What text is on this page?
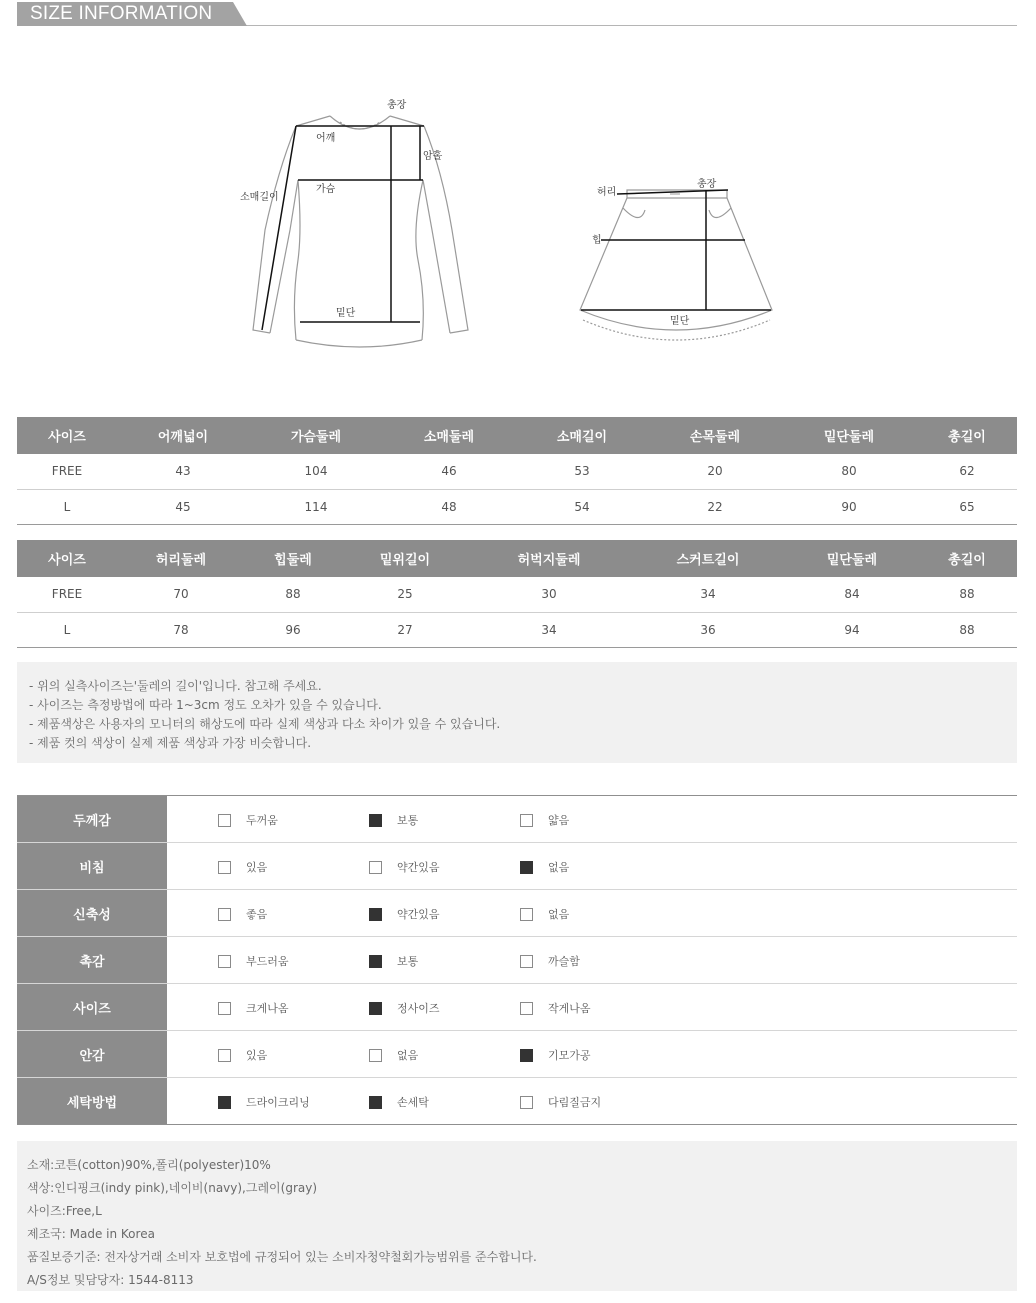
SIZE INFORMATION
총장
어깨
암홀
소매길이
가슴
밑단
허리
총장
힙
밑단
사이즈	어깨넓이	가슴둘레	소매둘레	소매길이	손목둘레	밑단둘레	총길이
FREE	43	104	46	53	20	80	62
L	45	114	48	54	22	90	65
사이즈	허리둘레	힙둘레	밑위길이	허벅지둘레	스커트길이	밑단둘레	총길이
FREE	70	88	25	30	34	84	88
L	78	96	27	34	36	94	88
- 위의 실측사이즈는'둘레의 길이'입니다. 참고해 주세요.
- 사이즈는 측정방법에 따라 1~3cm 정도 오차가 있을 수 있습니다.
- 제품색상은 사용자의 모니터의 해상도에 따라 실제 색상과 다소 차이가 있을 수 있습니다.
- 제품 컷의 색상이 실제 제품 색상과 가장 비슷합니다.
두께감	두꺼움	보통	얇음
비침	있음	약간있음	없음
신축성	좋음	약간있음	없음
촉감	부드러움	보통	까슬함
사이즈	크게나옴	정사이즈	작게나옴
안감	있음	없음	기모가공
세탁방법	드라이크리닝	손세탁	다림질금지
소재:코튼(cotton)90%,폴리(polyester)10%
색상:인디핑크(indy pink),네이비(navy),그레이(gray)
사이즈:Free,L
제조국: Made in Korea
품질보증기준: 전자상거래 소비자 보호법에 규정되어 있는 소비자청약철회가능범위를 준수합니다.
A/S정보 및담당자: 1544-8113
